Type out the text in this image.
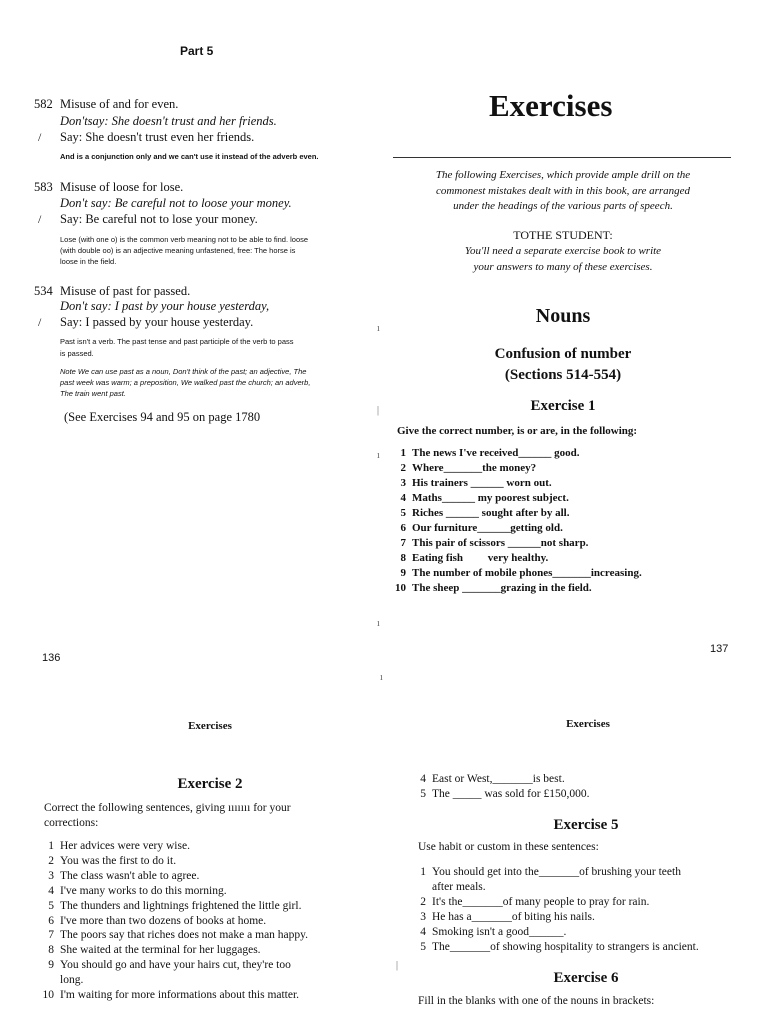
Part 5
582 Misuse of and for even.
Don'tsay: She doesn't trust and her friends.
/ Say: She doesn't trust even her friends.
And is a conjunction only and we can't use it instead of the adverb even.
583 Misuse of loose for lose.
Don't say: Be careful not to loose your money.
/ Say: Be careful not to lose your money.
Lose (with one o) is the common verb meaning not to be able to find. loose
(with double oo) is an adjective meaning unfastened, free: The horse is
loose in the field.
534 Misuse of past for passed.
Don't say: I past by your house yesterday,
/ Say: I passed by your house yesterday.
Past isn't a verb. The past tense and past participle of the verb to pass
is passed.
Note We can use past as a noun, Don't think of the past; an adjective, The
past week was warm; a preposition, We walked past the church; an adverb,
The train went past.
(See Exercises 94 and 95 on page 1780
136
ı
|
ı
ı
ı
Exercises
The following Exercises, which provide ample drill on the
commonest mistakes dealt with in this book, are arranged
under the headings of the various parts of speech.
TOTHE STUDENT:
You'll need a separate exercise book to write
your answers to many of these exercises.
Nouns
Confusion of number
(Sections 514-554)
Exercise 1
Give the correct number, is or are, in the following:
1 The news I've received______ good.
2 Where_______the money?
3 His trainers ______ worn out.
4 Maths______ my poorest subject.
5 Riches ______ sought after by all.
6 Our furniture______getting old.
7 This pair of scissors ______not sharp.
8 Eating fish         very healthy.
9 The number of mobile phones_______increasing.
10 The sheep _______grazing in the field.
137
Exercises
Exercise 2
Correct the following sentences, giving ııııııı for your
corrections:
1 Her advices were very wise.
2 You was the first to do it.
3 The class wasn't able to agree.
4 I've many works to do this morning.
5 The thunders and lightnings frightened the little girl.
6 I've more than two dozens of books at home.
7 The poors say that riches does not make a man happy.
8 She waited at the terminal for her luggages.
9 You should go and have your hairs cut, they're too
long.
10 I'm waiting for more informations about this matter.
Exercises
4 East or West,_______is best.
5 The _____ was sold for £150,000.
Exercise 5
Use habit or custom in these sentences:
1 You should get into the_______of brushing your teeth
after meals.
2 It's the_______of many people to pray for rain.
3 He has a_______of biting his nails.
4 Smoking isn't a good______.
5 The_______of showing hospitality to strangers is ancient.
Exercise 6
Fill in the blanks with one of the nouns in brackets:
|
